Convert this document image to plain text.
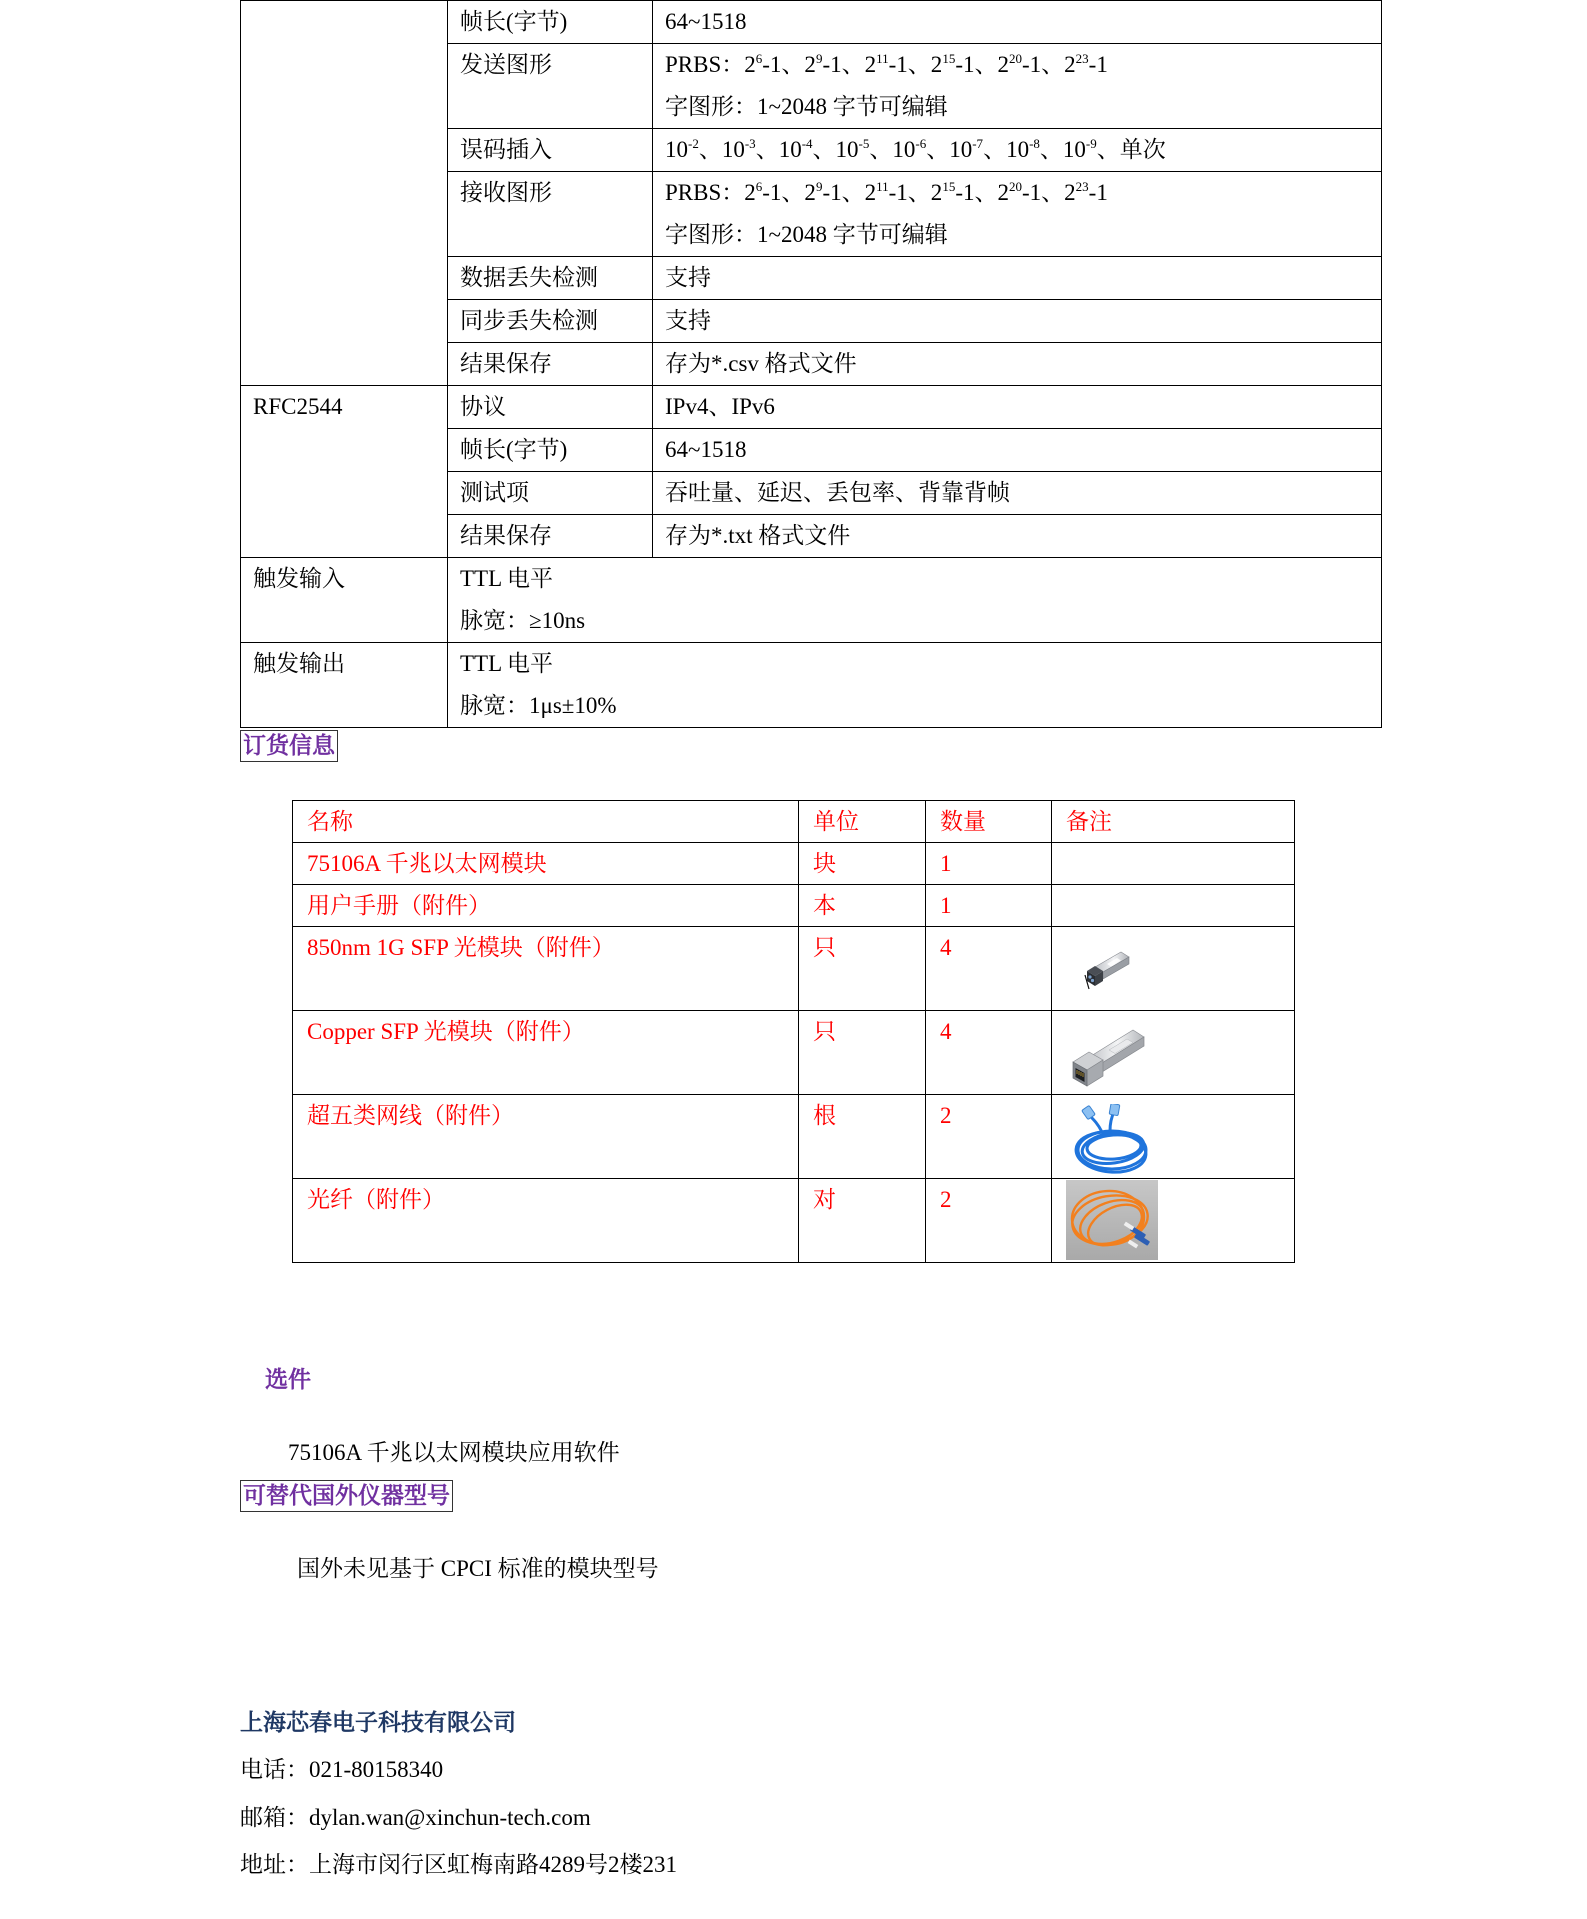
	帧长(字节)	64~1518

	发送图形	PRBS：$2^6-1$、$2^9-1$、$2^{11}-1$、$2^{15}-1$、$2^{20}-1$、$2^{23}-1$
字图形：1~2048 字节可编辑

	误码插入	$10^{-2}$、$10^{-3}$、$10^{-4}$、$10^{-5}$、$10^{-6}$、$10^{-7}$、$10^{-8}$、$10^{-9}$、单次

	接收图形	PRBS：$2^6-1$、$2^9-1$、$2^{11}-1$、$2^{15}-1$、$2^{20}-1$、$2^{23}-1$
字图形：1~2048 字节可编辑

	数据丢失检测	支持

	同步丢失检测	支持

	结果保存	存为*.csv 格式文件

RFC2544	协议	IPv4、IPv6

	帧长(字节)	64~1518

	测试项	吞吐量、延迟、丢包率、背靠背帧

	结果保存	存为*.txt 格式文件

触发输入	TTL 电平
脉宽：≥10ns	

触发输出	TTL 电平
脉宽：1μs±10%	
订货信息
名称	单位	数量	备注
75106A 千兆以太网模块	块	1	
用户手册（附件）	本	1	
850nm 1G SFP 光模块（附件）	只	4	

Copper SFP 光模块（附件）	只	4	

超五类网线（附件）	根	2	

光纤（附件）	对	2	
选件
75106A 千兆以太网模块应用软件
可替代国外仪器型号
国外未见基于 CPCI 标准的模块型号
上海芯春电子科技有限公司
电话：021-80158340
邮箱：dylan.wan@xinchun-tech.com
地址：上海市闵行区虹梅南路4289号2楼231
